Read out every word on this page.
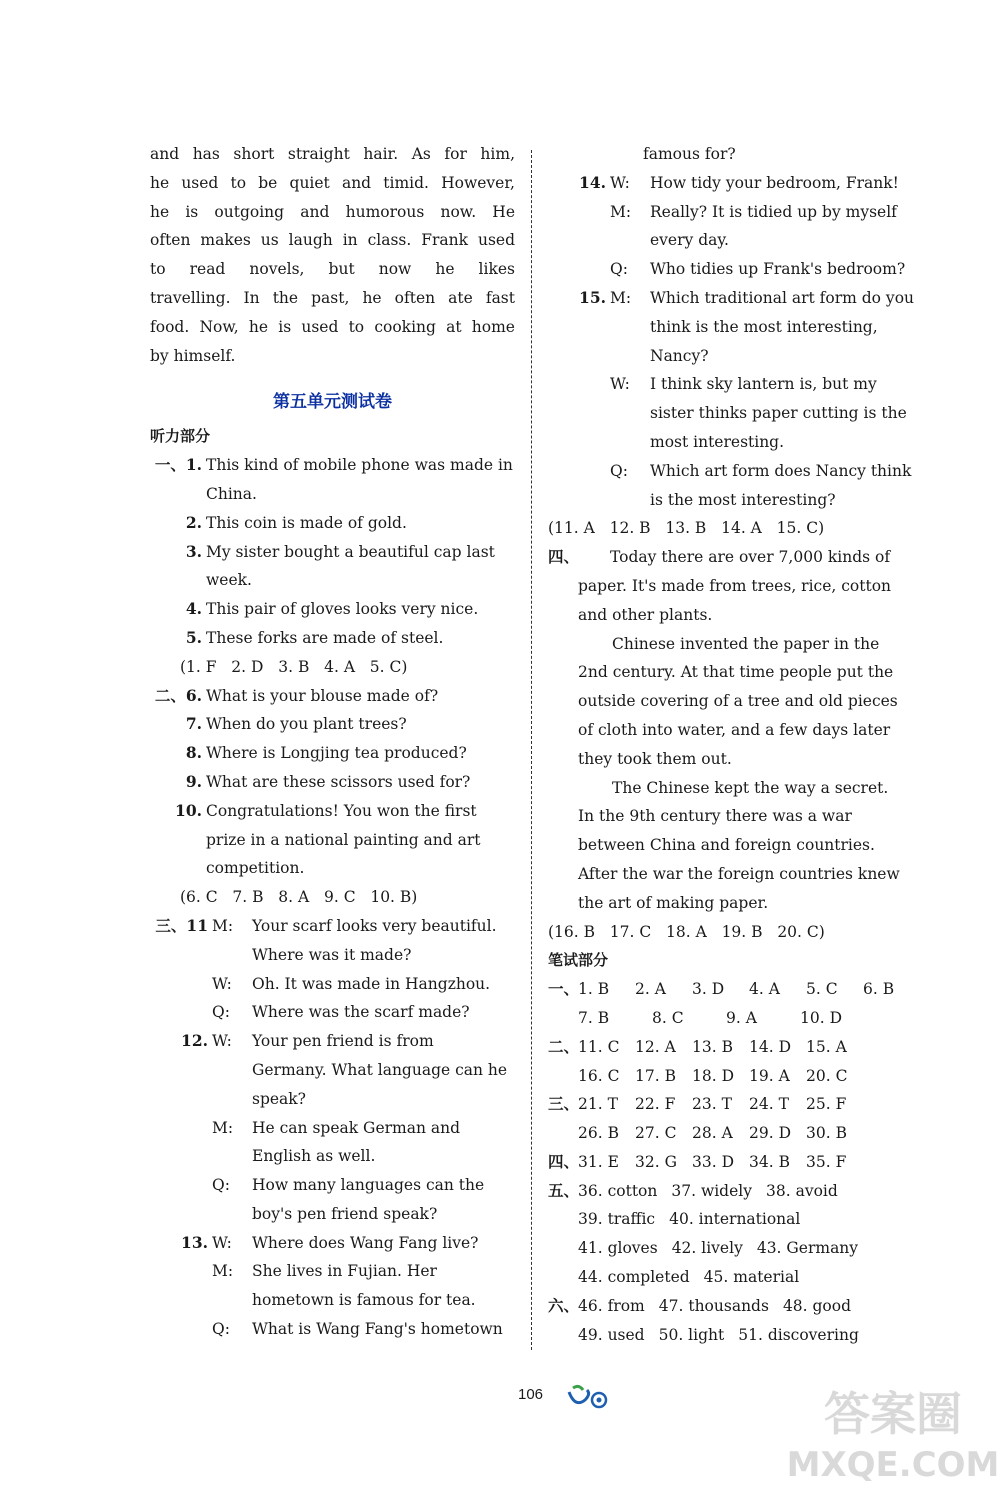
and has short straight hair. As for him,
he used to be quiet and timid. However,
he is outgoing and humorous now. He
often makes us laugh in class. Frank used
to read novels, but now he likes
travelling. In the past, he often ate fast
food. Now, he is used to cooking at home
by himself.
第五单元测试卷
听力部分
一、1. This kind of mobile phone was made in
China.
2. This coin is made of gold.
3. My sister bought a beautiful cap last
week.
4. This pair of gloves looks very nice.
5. These forks are made of steel.
(1. F   2. D   3. B   4. A   5. C)
二、6. What is your blouse made of?
7. When do you plant trees?
8. Where is Longjing tea produced?
9. What are these scissors used for?
10. Congratulations! You won the first
prize in a national painting and art
competition.
(6. C   7. B   8. A   9. C   10. B)
三、11 M: Your scarf looks very beautiful.
Where was it made?
W: Oh. It was made in Hangzhou.
Q: Where was the scarf made?
12. W: Your pen friend is from
Germany. What language can he
speak?
M: He can speak German and
English as well.
Q: How many languages can the
boy's pen friend speak?
13. W: Where does Wang Fang live?
M: She lives in Fujian. Her
hometown is famous for tea.
Q: What is Wang Fang's hometown
famous for?
14. W: How tidy your bedroom, Frank!
M: Really? It is tidied up by myself
every day.
Q: Who tidies up Frank's bedroom?
15. M: Which traditional art form do you
think is the most interesting,
Nancy?
W: I think sky lantern is, but my
sister thinks paper cutting is the
most interesting.
Q: Which art form does Nancy think
is the most interesting?
(11. A   12. B   13. B   14. A   15. C)
四、 Today there are over 7,000 kinds of
paper. It's made from trees, rice, cotton
and other plants.
Chinese invented the paper in the
2nd century. At that time people put the
outside covering of a tree and old pieces
of cloth into water, and a few days later
they took them out.
The Chinese kept the way a secret.
In the 9th century there was a war
between China and foreign countries.
After the war the foreign countries knew
the art of making paper.
(16. B   17. C   18. A   19. B   20. C)
笔试部分
一、1. B 2. A 3. D 4. A 5. C 6. B
7. B	8. C	9. A	10. D
二、11. C 12. A 13. B 14. D 15. A
16. C 17. B 18. D 19. A 20. C
三、21. T 22. F 23. T 24. T 25. F
26. B 27. C 28. A 29. D 30. B
四、31. E 32. G 33. D 34. B 35. F
五、36. cotton 37. widely 38. avoid
39. traffic 40. international
41. gloves 42. lively 43. Germany
44. completed 45. material
六、46. from 47. thousands 48. good
49. used 50. light 51. discovering
106	答案圈
MXQE.COM
